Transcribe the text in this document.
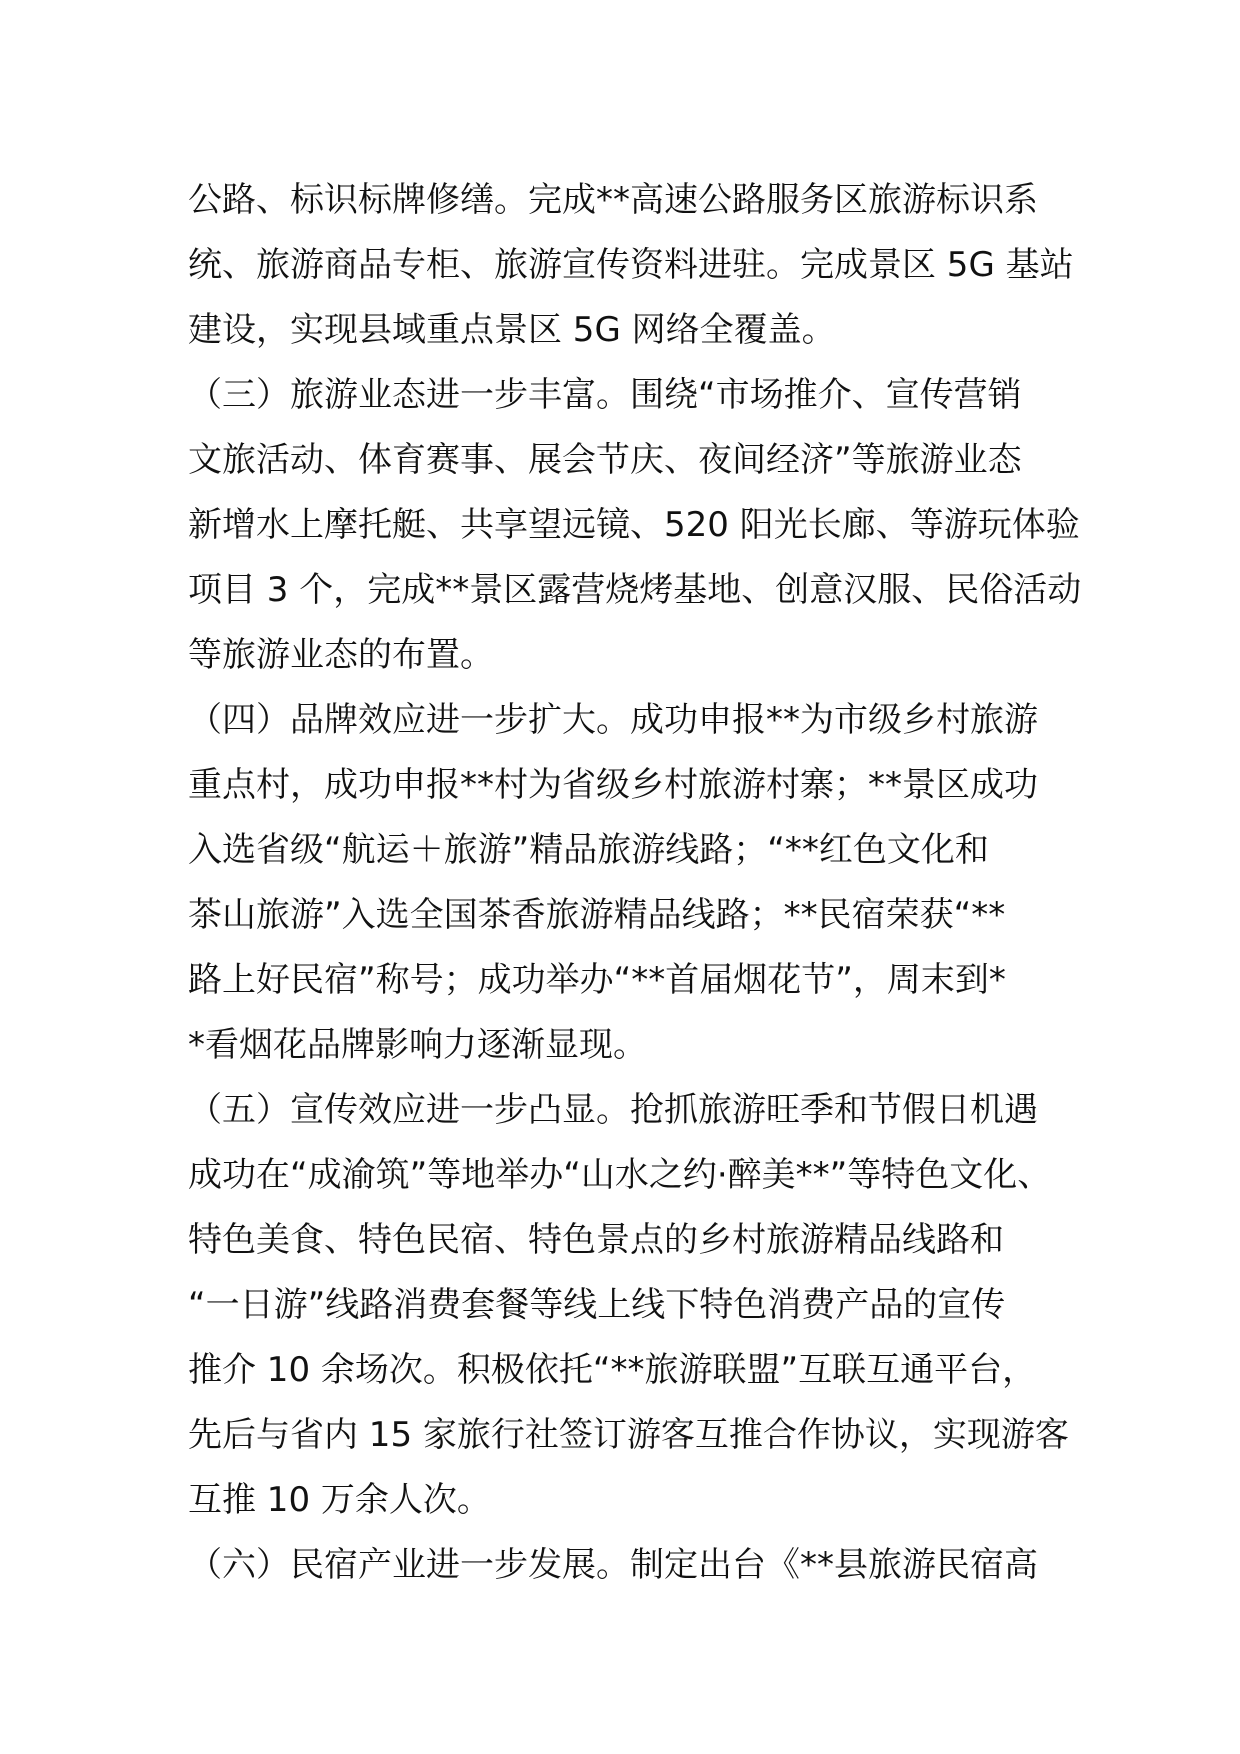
公路、标识标牌修缮。完成**高速公路服务区旅游标识系
统、旅游商品专柜、旅游宣传资料进驻。完成景区 5G 基站
建设，实现县域重点景区 5G 网络全覆盖。
（三）旅游业态进一步丰富。围绕“市场推介、宣传营销
文旅活动、体育赛事、展会节庆、夜间经济”等旅游业态
新增水上摩托艇、共享望远镜、520 阳光长廊、等游玩体验
项目 3 个，完成**景区露营烧烤基地、创意汉服、民俗活动
等旅游业态的布置。
（四）品牌效应进一步扩大。成功申报**为市级乡村旅游
重点村，成功申报**村为省级乡村旅游村寨；**景区成功
入选省级“航运＋旅游”精品旅游线路；“**红色文化和
茶山旅游”入选全国茶香旅游精品线路；**民宿荣获“**
路上好民宿”称号；成功举办“**首届烟花节”，周末到*
*看烟花品牌影响力逐渐显现。
（五）宣传效应进一步凸显。抢抓旅游旺季和节假日机遇
成功在“成渝筑”等地举办“山水之约·醉美**”等特色文化、
特色美食、特色民宿、特色景点的乡村旅游精品线路和
“一日游”线路消费套餐等线上线下特色消费产品的宣传
推介 10 余场次。积极依托“**旅游联盟”互联互通平台，
先后与省内 15 家旅行社签订游客互推合作协议，实现游客
互推 10 万余人次。
（六）民宿产业进一步发展。制定出台《**县旅游民宿高
